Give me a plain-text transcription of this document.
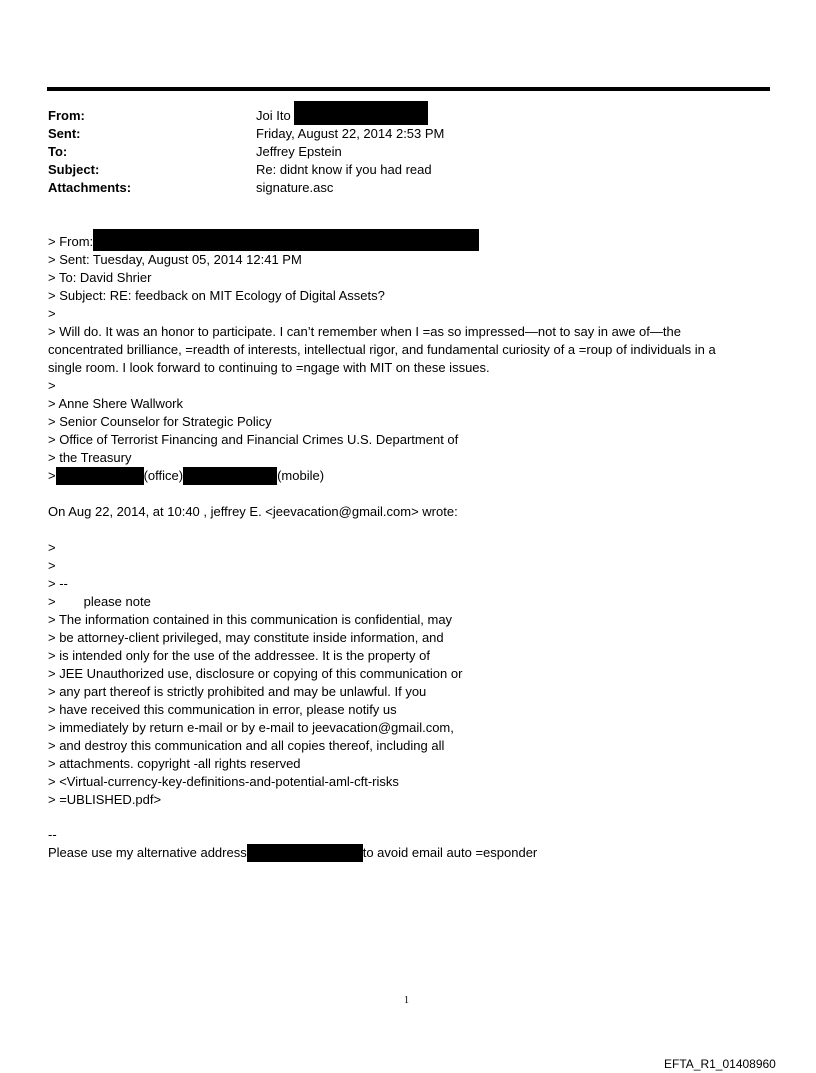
From:	Joi Ito
Sent:	Friday, August 22, 2014 2:53 PM
To:	Jeffrey Epstein
Subject:	Re: didnt know if you had read
Attachments:	signature.asc
> From:
> Sent: Tuesday, August 05, 2014 12:41 PM
> To: David Shrier
> Subject: RE: feedback on MIT Ecology of Digital Assets?
>
> Will do. It was an honor to participate. I can’t remember when I =as so impressed—not to say in awe of—the
concentrated brilliance, =readth of interests, intellectual rigor, and fundamental curiosity of a =roup of individuals in a
single room. I look forward to continuing to =ngage with MIT on these issues.
>
> Anne Shere Wallwork
> Senior Counselor for Strategic Policy
> Office of Terrorist Financing and Financial Crimes U.S. Department of
> the Treasury
>	(office)	(mobile)
On Aug 22, 2014, at 10:40 , jeffrey E. <jeevacation@gmail.com> wrote:
>
>
> --
> please note
> The information contained in this communication is confidential, may
> be attorney-client privileged, may constitute inside information, and
> is intended only for the use of the addressee. It is the property of
> JEE Unauthorized use, disclosure or copying of this communication or
> any part thereof is strictly prohibited and may be unlawful. If you
> have received this communication in error, please notify us
> immediately by return e-mail or by e-mail to jeevacation@gmail.com,
> and destroy this communication and all copies thereof, including all
> attachments. copyright -all rights reserved
> <Virtual-currency-key-definitions-and-potential-aml-cft-risks
> =UBLISHED.pdf>
--
Please use my alternative address	to avoid email auto =esponder
1
EFTA_R1_01408960
